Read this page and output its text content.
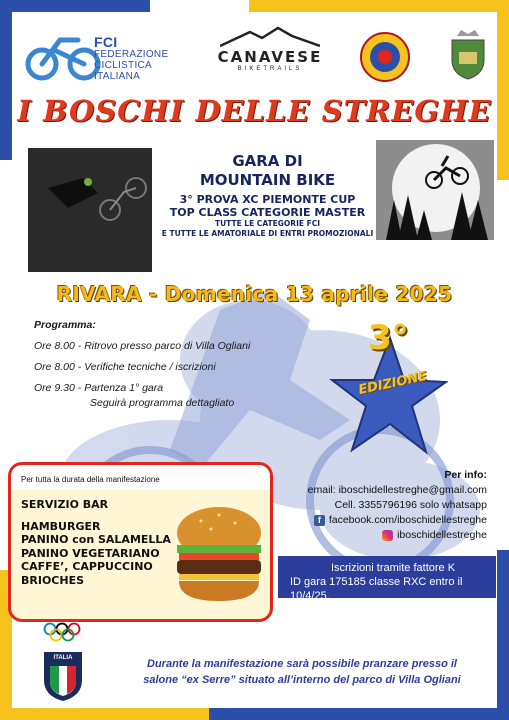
FCI
FEDERAZIONE
CICLISTICA
ITALIANA
CANAVESE
BIKETRAILS
I BOSCHI DELLE STREGHE
GARA DI
MOUNTAIN BIKE
3° PROVA XC PIEMONTE CUP
TOP CLASS CATEGORIE MASTER
TUTTE LE CATEGORIE FCI
E TUTTE LE AMATORIALE DI ENTRI PROMOZIONALI
RIVARA - Domenica 13 aprile 2025
Programma:
Ore 8.00 - Ritrovo presso parco di Villa Ogliani
Ore 8.00 - Verifiche tecniche / iscrizioni
Ore 9.30 - Partenza 1° gara
Seguirà programma dettagliato
3°
EDIZIONE
Per info:
email: iboschidellestreghe@gmail.com
Cell. 3355796196 solo whatsapp
f facebook.com/iboschidellestreghe
iboschidellestreghe
Per tutta la durata della manifestazione
SERVIZIO BAR
HAMBURGER
PANINO con SALAMELLA
PANINO VEGETARIANO
CAFFE’, CAPPUCCINO
BRIOCHES
Iscrizioni tramite fattore K
ID gara 175185 classe RXC entro il 10/4/25.
ITALIA	Durante la manifestazione sarà possibile pranzare presso il
salone “ex Serre” situato all’interno del parco di Villa Ogliani
